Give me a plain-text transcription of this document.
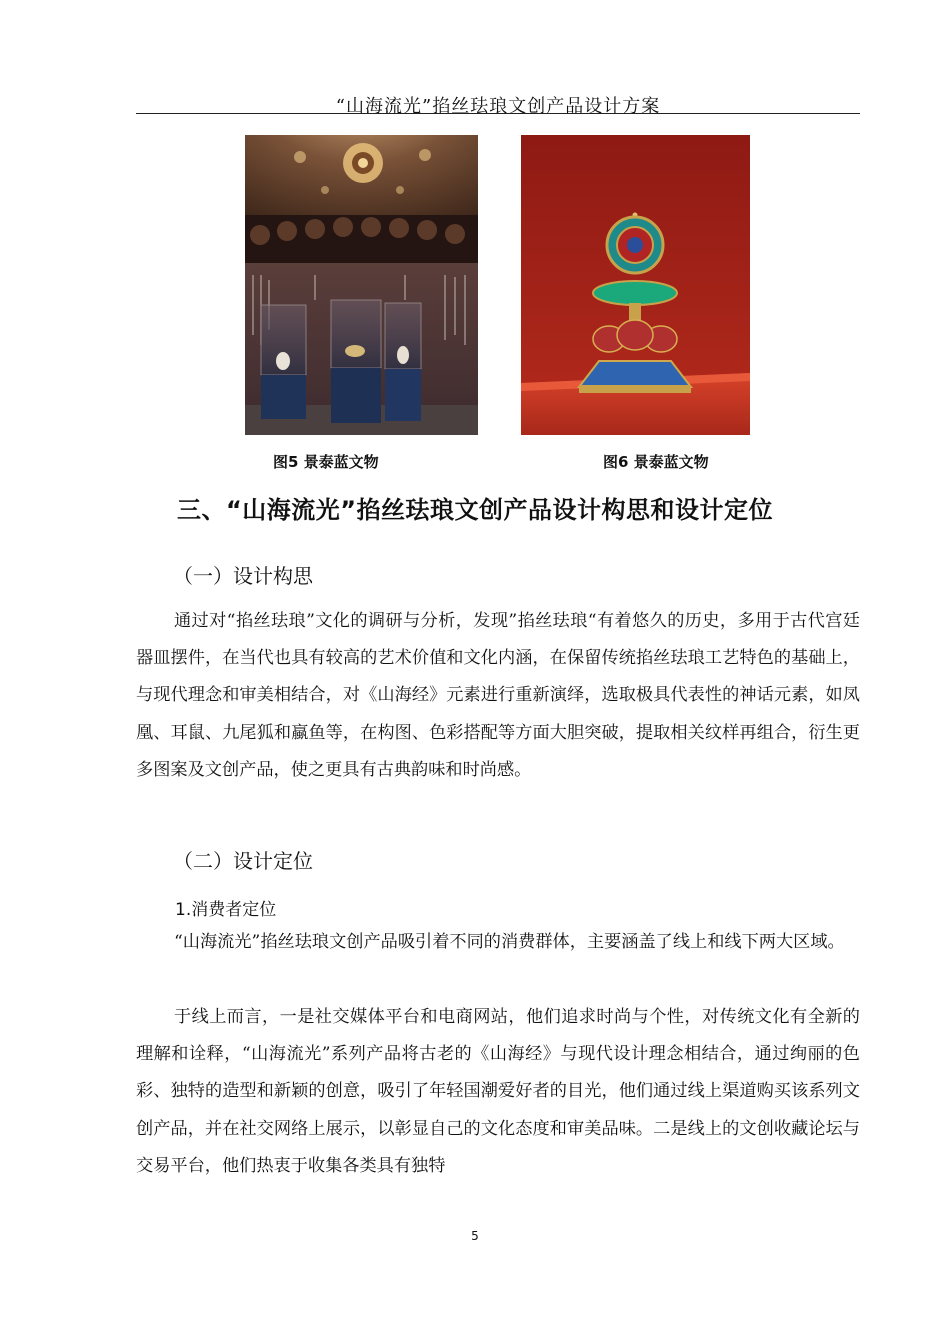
“山海流光”掐丝珐琅文创产品设计方案
图5 景泰蓝文物	图6 景泰蓝文物
三、“山海流光”掐丝珐琅文创产品设计构思和设计定位
（一）设计构思

通过对“掐丝珐琅”文化的调研与分析，发现”掐丝珐琅“有着悠久的历史，多用于古代宫廷器皿摆件，在当代也具有较高的艺术价值和文化内涵，在保留传统掐丝珐琅工艺特色的基础上，与现代理念和审美相结合，对《山海经》元素进行重新演绎，选取极具代表性的神话元素，如凤凰、耳鼠、九尾狐和蠃鱼等，在构图、色彩搭配等方面大胆突破，提取相关纹样再组合，衍生更多图案及文创产品，使之更具有古典韵味和时尚感。

（二）设计定位
1.消费者定位

“山海流光”掐丝珐琅文创产品吸引着不同的消费群体，主要涵盖了线上和线下两大区域。

于线上而言，一是社交媒体平台和电商网站，他们追求时尚与个性，对传统文化有全新的理解和诠释，“山海流光”系列产品将古老的《山海经》与现代设计理念相结合，通过绚丽的色彩、独特的造型和新颖的创意，吸引了年轻国潮爱好者的目光，他们通过线上渠道购买该系列文创产品，并在社交网络上展示，以彰显自己的文化态度和审美品味。二是线上的文创收藏论坛与交易平台，他们热衷于收集各类具有独特

5
